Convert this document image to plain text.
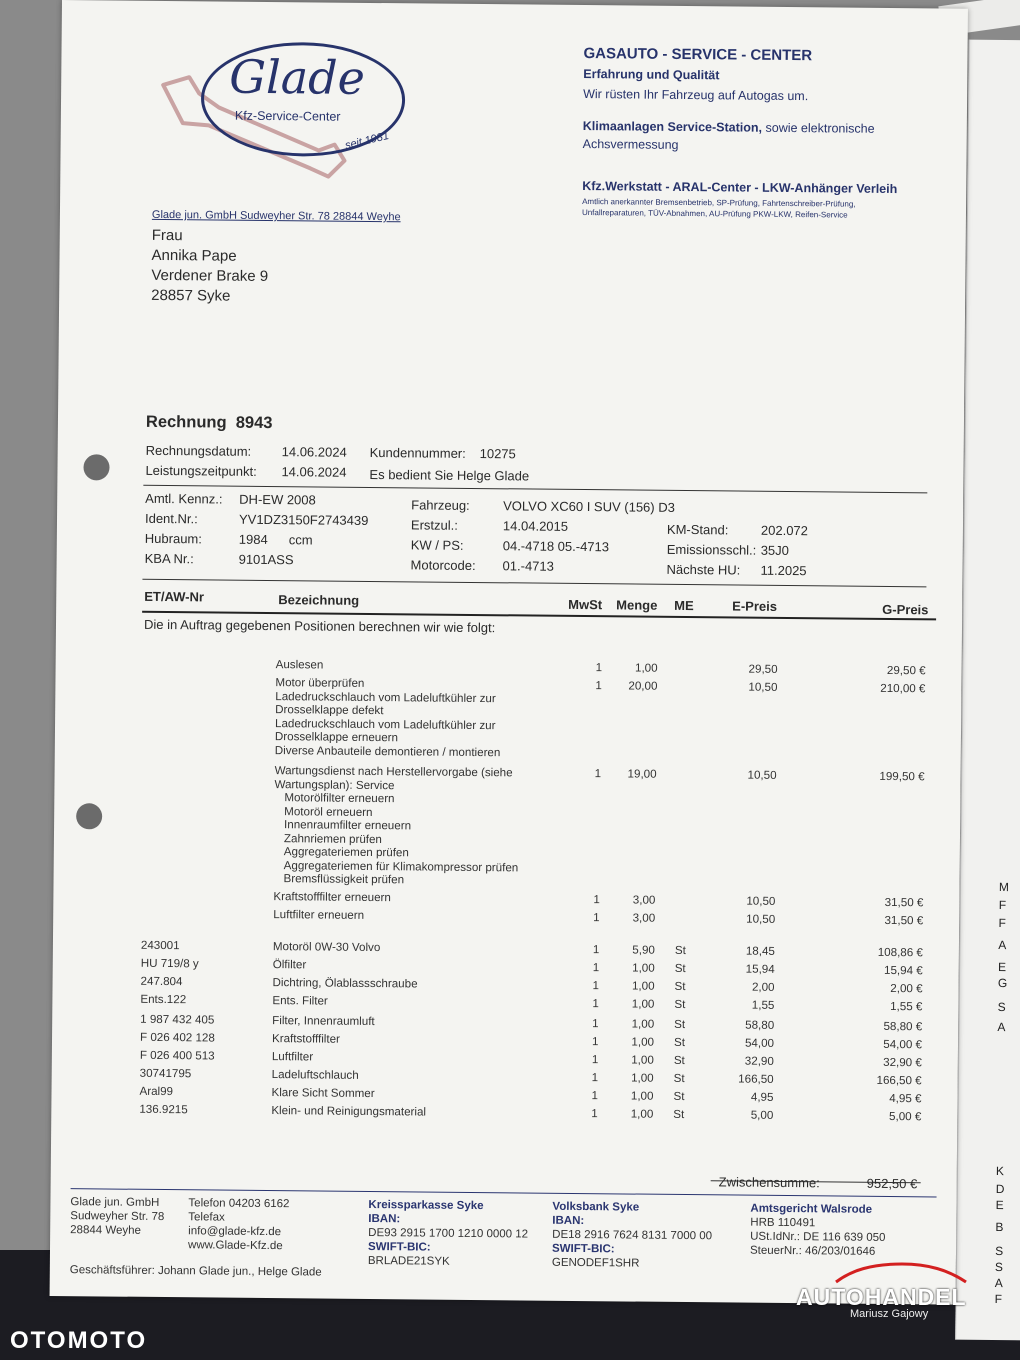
M
F
F
A
E
G
S
A
K
D
E
B
S
S
A
F
Glade
Kfz-Service-Center
seit 1981
GASAUTO - SERVICE - CENTER
Erfahrung und Qualität
Wir rüsten Ihr Fahrzeug auf Autogas um.
Klimaanlagen Service-Station, sowie elektronische
Achsvermessung
Kfz.Werkstatt - ARAL-Center - LKW-Anhänger Verleih
Amtlich anerkannter Bremsenbetrieb, SP-Prüfung, Fahrtenschreiber-Prüfung,
Unfallreparaturen, TÜV-Abnahmen, AU-Prüfung PKW-LKW, Reifen-Service
Glade jun. GmbH Sudweyher Str. 78 28844 Weyhe
Frau
Annika Pape
Verdener Brake 9
28857 Syke
Rechnung 8943
Rechnungsdatum: 14.06.2024
Leistungszeitpunkt: 14.06.2024
Kundennummer: 10275
Es bedient Sie Helge Glade
Amtl. Kennz.: DH-EW 2008
Ident.Nr.:	YV1DZ3150F2743439
Hubraum:	1984 ccm
KBA Nr.:	9101ASS
Fahrzeug:	VOLVO XC60 I SUV (156) D3
Erstzul.:	14.04.2015
KW / PS:	04.-4718 05.-4713
Motorcode: 01.-4713
KM-Stand: 202.072
Emissionsschl.: 35J0
Nächste HU: 11.2025
ET/AW-Nr	Bezeichnung	MwSt Menge ME	E-Preis	G-Preis
Die in Auftrag gegebenen Positionen berechnen wir wie folgt:
Auslesen	1	1,00	29,50	29,50 €
Motor überprüfen
Ladedruckschlauch vom Ladeluftkühler zur
Drosselklappe defekt
Ladedruckschlauch vom Ladeluftkühler zur
Drosselklappe erneuern
Diverse Anbauteile demontieren / montieren
1	20,00	10,50	210,00 €
Wartungsdienst nach Herstellervorgabe (siehe
Wartungsplan): Service
Motorölfilter erneuern
Motoröl erneuern
Innenraumfilter erneuern
Zahnriemen prüfen
Aggregateriemen prüfen
Aggregateriemen für Klimakompressor prüfen
Bremsflüssigkeit prüfen
1	19,00	10,50	199,50 €
Kraftstofffilter erneuern	1	3,00	10,50	31,50 €
Luftfilter erneuern	1	3,00	10,50	31,50 €
243001	Motoröl 0W-30 Volvo	1	5,90 St	18,45	108,86 €
HU 719/8 y	Ölfilter	1	1,00 St	15,94	15,94 €
247.804	Dichtring, Ölablassschraube	1	1,00 St	2,00	2,00 €
Ents.122	Ents. Filter	1	1,00 St	1,55	1,55 €
1 987 432 405	Filter, Innenraumluft	1	1,00 St	58,80	58,80 €
F 026 402 128	Kraftstofffilter	1	1,00 St	54,00	54,00 €
F 026 400 513	Luftfilter	1	1,00 St	32,90	32,90 €
30741795	Ladeluftschlauch	1	1,00 St	166,50	166,50 €
Aral99	Klare Sicht Sommer	1	1,00 St	4,95	4,95 €
136.9215	Klein- und Reinigungsmaterial	1	1,00 St	5,00	5,00 €
Zwischensumme:	952,50 €
Glade jun. GmbH
Sudweyher Str. 78
28844 Weyhe
Telefon 04203 6162
Telefax
info@glade-kfz.de
www.Glade-Kfz.de
Kreissparkasse Syke
IBAN:
DE93 2915 1700 1210 0000 12
SWIFT-BIC:
BRLADE21SYK
Volksbank Syke
IBAN:
DE18 2916 7624 8131 7000 00
SWIFT-BIC:
GENODEF1SHR
Amtsgericht Walsrode
HRB 110491
USt.IdNr.: DE 116 639 050
SteuerNr.: 46/203/01646
Geschäftsführer: Johann Glade jun., Helge Glade
AUTOHANDEL
Mariusz Gajowy
OTOMOTO
